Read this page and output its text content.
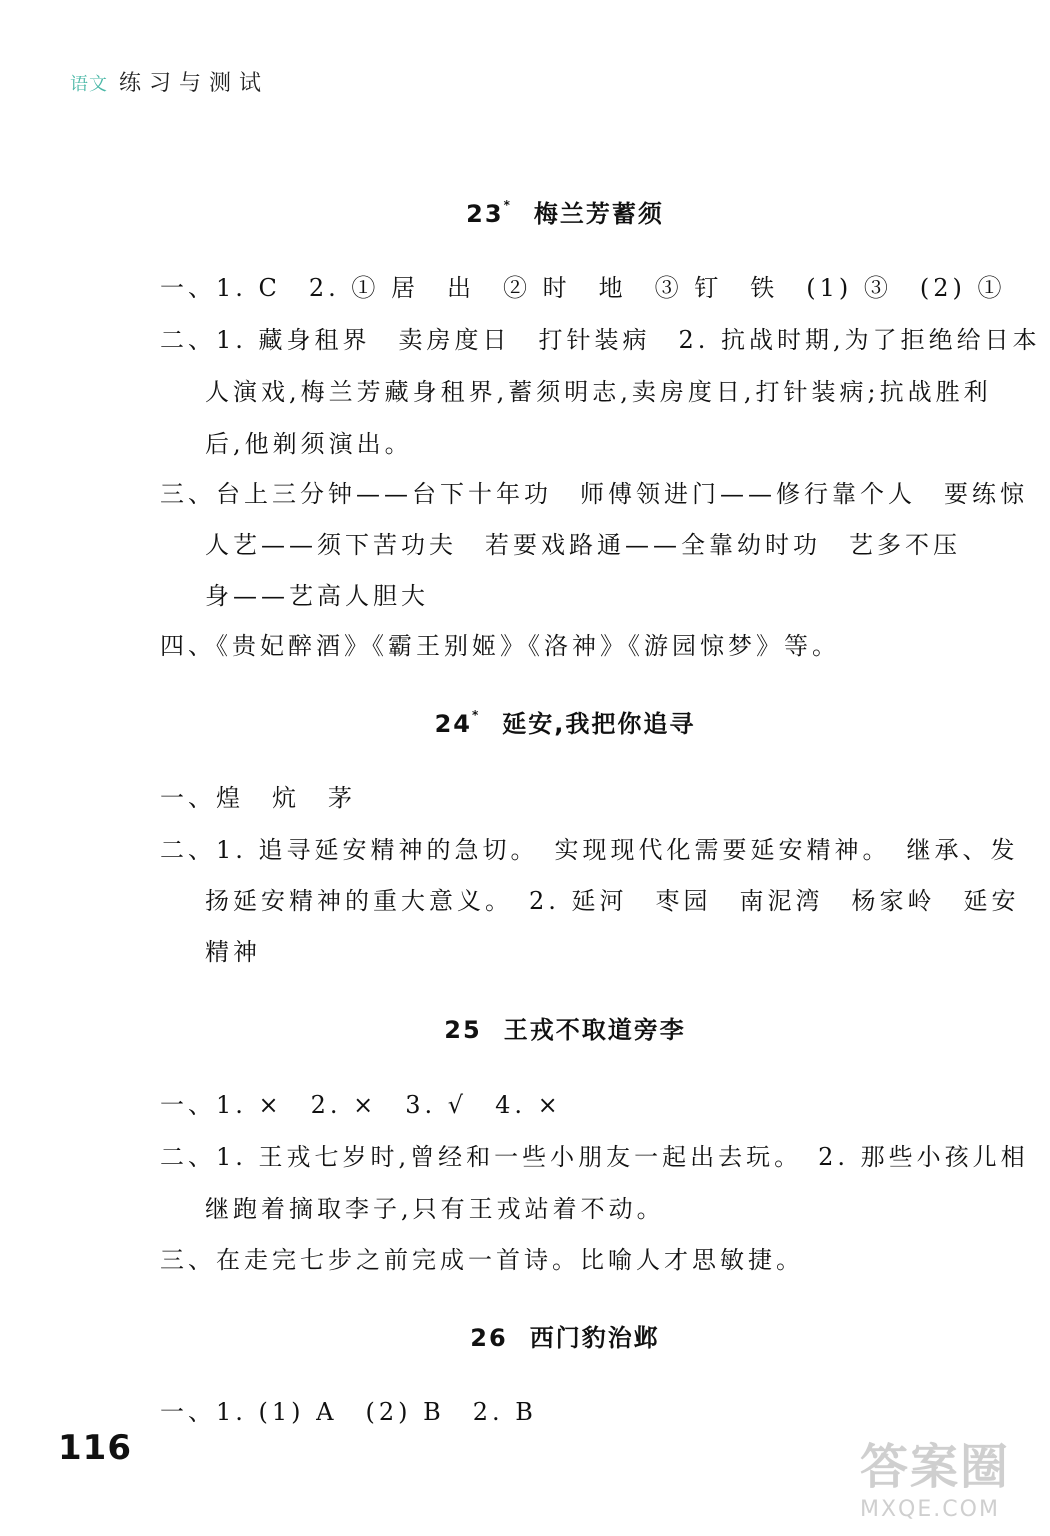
语文 练习与测试
23* 梅兰芳蓄须
一、1. C　2. ① 居　出　② 时　地　③ 钉　铁　(1) ③　(2) ①
二、1. 藏身租界　卖房度日　打针装病　2. 抗战时期,为了拒绝给日本
人演戏,梅兰芳藏身租界,蓄须明志,卖房度日,打针装病;抗战胜利
后,他剃须演出。
三、台上三分钟——台下十年功　师傅领进门——修行靠个人　要练惊
人艺——须下苦功夫　若要戏路通——全靠幼时功　艺多不压
身——艺高人胆大
四、《贵妃醉酒》《霸王别姬》《洛神》《游园惊梦》等。
24* 延安,我把你追寻
一、煌　炕　茅
二、1. 追寻延安精神的急切。　实现现代化需要延安精神。　继承、发
扬延安精神的重大意义。　2. 延河　枣园　南泥湾　杨家岭　延安
精神
25 王戎不取道旁李
一、1. ×　2. ×　3. √　4. ×
二、1. 王戎七岁时,曾经和一些小朋友一起出去玩。　2. 那些小孩儿相
继跑着摘取李子,只有王戎站着不动。
三、在走完七步之前完成一首诗。比喻人才思敏捷。
26 西门豹治邺
一、1. (1) A　(2) B　2. B
116	答案圈
MXQE.COM
